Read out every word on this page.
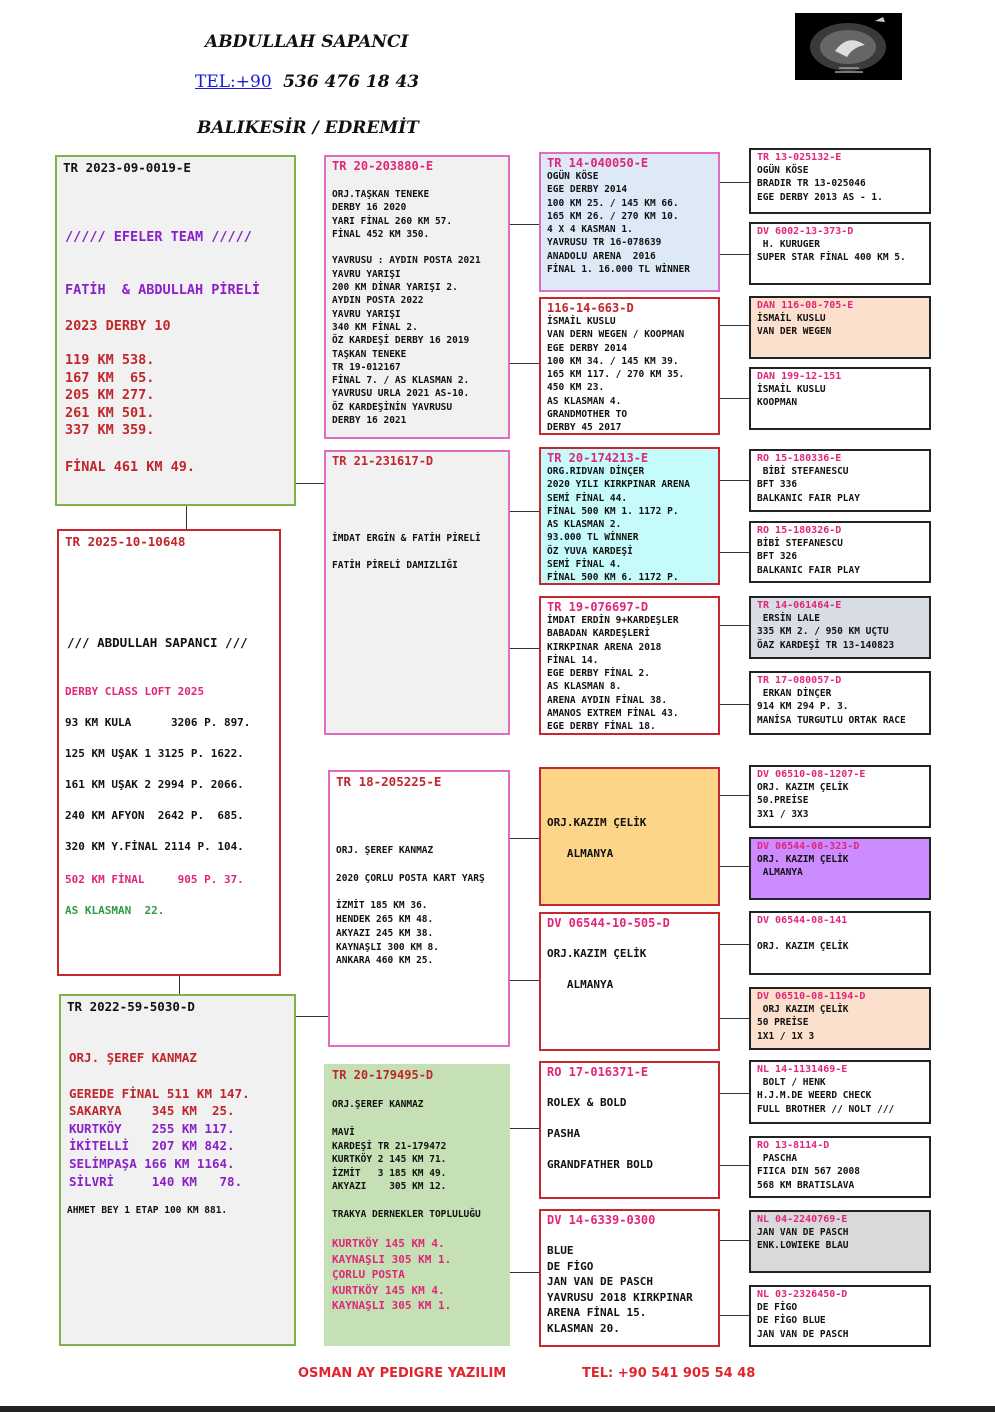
ABDULLAH SAPANCI
TEL:+90 536 476 18 43
BALIKESİR / EDREMİT
TR 2023-09-0019-E
///// EFELER TEAM /////
FATİH  & ABDULLAH PİRELİ
2023 DERBY 10
119 KM 538.
167 KM  65.
205 KM 277.
261 KM 501.
337 KM 359.
FİNAL 461 KM 49.
TR 2025-10-10648
/// ABDULLAH SAPANCI ///
DERBY CLASS LOFT 2025
93 KM KULA      3206 P. 897.
125 KM UŞAK 1 3125 P. 1622.
161 KM UŞAK 2 2994 P. 2066.
240 KM AFYON  2642 P.  685.
320 KM Y.FİNAL 2114 P. 104.
502 KM FİNAL     905 P. 37.
AS KLASMAN  22.
TR 2022-59-5030-D
ORJ. ŞEREF KANMAZ
GEREDE FİNAL 511 KM 147.
SAKARYA    345 KM  25.
KURTKÖY    255 KM 117.
İKİTELLİ   207 KM 842.
SELİMPAŞA 166 KM 1164.
SİLVRİ     140 KM   78.
AHMET BEY 1 ETAP 100 KM 881.
TR 20-203880-E
ORJ.TAŞKAN TENEKE
DERBY 16 2020
YARI FİNAL 260 KM 57.
FİNAL 452 KM 350.

YAVRUSU : AYDIN POSTA 2021
YAVRU YARIŞI
200 KM DİNAR YARIŞI 2.
AYDIN POSTA 2022
YAVRU YARIŞI
340 KM FİNAL 2.
ÖZ KARDEŞİ DERBY 16 2019
TAŞKAN TENEKE
TR 19-012167
FİNAL 7. / AS KLASMAN 2.
YAVRUSU URLA 2021 AS-10.
ÖZ KARDEŞİNİN YAVRUSU
DERBY 16 2021
TR 21-231617-D
İMDAT ERGİN & FATİH PİRELİ

FATİH PİRELİ DAMIZLIĞI
TR 18-205225-E
ORJ. ŞEREF KANMAZ

2020 ÇORLU POSTA KART YARŞ

İZMİT 185 KM 36.
HENDEK 265 KM 48.
AKYAZI 245 KM 38.
KAYNAŞLI 300 KM 8.
ANKARA 460 KM 25.
TR 20-179495-D
ORJ.ŞEREF KANMAZ
MAVİ
KARDEŞİ TR 21-179472
KURTKÖY 2 145 KM 71.
İZMİT   3 185 KM 49.
AKYAZI    305 KM 12.
TRAKYA DERNEKLER TOPLULUĞU
KURTKÖY 145 KM 4.
KAYNAŞLI 305 KM 1.
ÇORLU POSTA
KURTKÖY 145 KM 4.
KAYNAŞLI 305 KM 1.
TR 14-040050-E
OGÜN KÖSE
EGE DERBY 2014
100 KM 25. / 145 KM 66.
165 KM 26. / 270 KM 10.
4 X 4 KASMAN 1.
YAVRUSU TR 16-078639
ANADOLU ARENA  2016
FİNAL 1. 16.000 TL WİNNER
116-14-663-D
İSMAİL KUSLU
VAN DERN WEGEN / KOOPMAN
EGE DERBY 2014
100 KM 34. / 145 KM 39.
165 KM 117. / 270 KM 35.
450 KM 23.
AS KLASMAN 4.
GRANDMOTHER TO
DERBY 45 2017
TR 20-174213-E
ORG.RIDVAN DİNÇER
2020 YILI KIRKPINAR ARENA
SEMİ FİNAL 44.
FİNAL 500 KM 1. 1172 P.
AS KLASMAN 2.
93.000 TL WİNNER
ÖZ YUVA KARDEŞİ
SEMİ FİNAL 4.
FİNAL 500 KM 6. 1172 P.
TR 19-076697-D
İMDAT ERDİN 9+KARDEŞLER
BABADAN KARDEŞLERİ
KIRKPINAR ARENA 2018
FİNAL 14.
EGE DERBY FİNAL 2.
AS KLASMAN 8.
ARENA AYDIN FİNAL 38.
AMANOS EXTREM FİNAL 43.
EGE DERBY FİNAL 18.
ORJ.KAZIM ÇELİK

ALMANYA
DV 06544-10-505-D
ORJ.KAZIM ÇELİK

ALMANYA
RO 17-016371-E
ROLEX & BOLD

PASHA

GRANDFATHER BOLD
DV 14-6339-0300
BLUE
DE FİGO
JAN VAN DE PASCH
YAVRUSU 2018 KIRKPINAR
ARENA FİNAL 15.
KLASMAN 20.
TR 13-025132-E
OGÜN KÖSE
BRADIR TR 13-025046
EGE DERBY 2013 AS - 1.
DV 6002-13-373-D
H. KURUGER
SUPER STAR FİNAL 400 KM 5.
DAN 116-08-705-E
İSMAİL KUSLU
VAN DER WEGEN
DAN 199-12-151
İSMAİL KUSLU
KOOPMAN
RO 15-180336-E
BİBİ STEFANESCU
BFT 336
BALKANIC FAIR PLAY
RO 15-180326-D
BİBİ STEFANESCU
BFT 326
BALKANIC FAIR PLAY
TR 14-061464-E
ERSİN LALE
335 KM 2. / 950 KM UÇTU
ÖAZ KARDEŞİ TR 13-140823
TR 17-080057-D
ERKAN DİNÇER
914 KM 294 P. 3.
MANİSA TURGUTLU ORTAK RACE
DV 06510-08-1207-E
ORJ. KAZIM ÇELİK
50.PREİSE
3X1 / 3X3
DV 06544-08-323-D
ORJ. KAZIM ÇELİK
ALMANYA
DV 06544-08-141

ORJ. KAZIM ÇELİK
DV 06510-08-1194-D
ORJ KAZIM ÇELİK
50 PREİSE
1X1 / 1X 3
NL 14-1131469-E
BOLT / HENK
H.J.M.DE WEERD CHECK
FULL BROTHER // NOLT ///
RO 13-8114-D
PASCHA
FIICA DIN 567 2008
568 KM BRATISLAVA
NL 04-2240769-E
JAN VAN DE PASCH
ENK.LOWIEKE BLAU
NL 03-2326450-D
DE FİGO
DE FİGO BLUE
JAN VAN DE PASCH
OSMAN AY PEDIGRE YAZILIM	TEL: +90 541 905 54 48
